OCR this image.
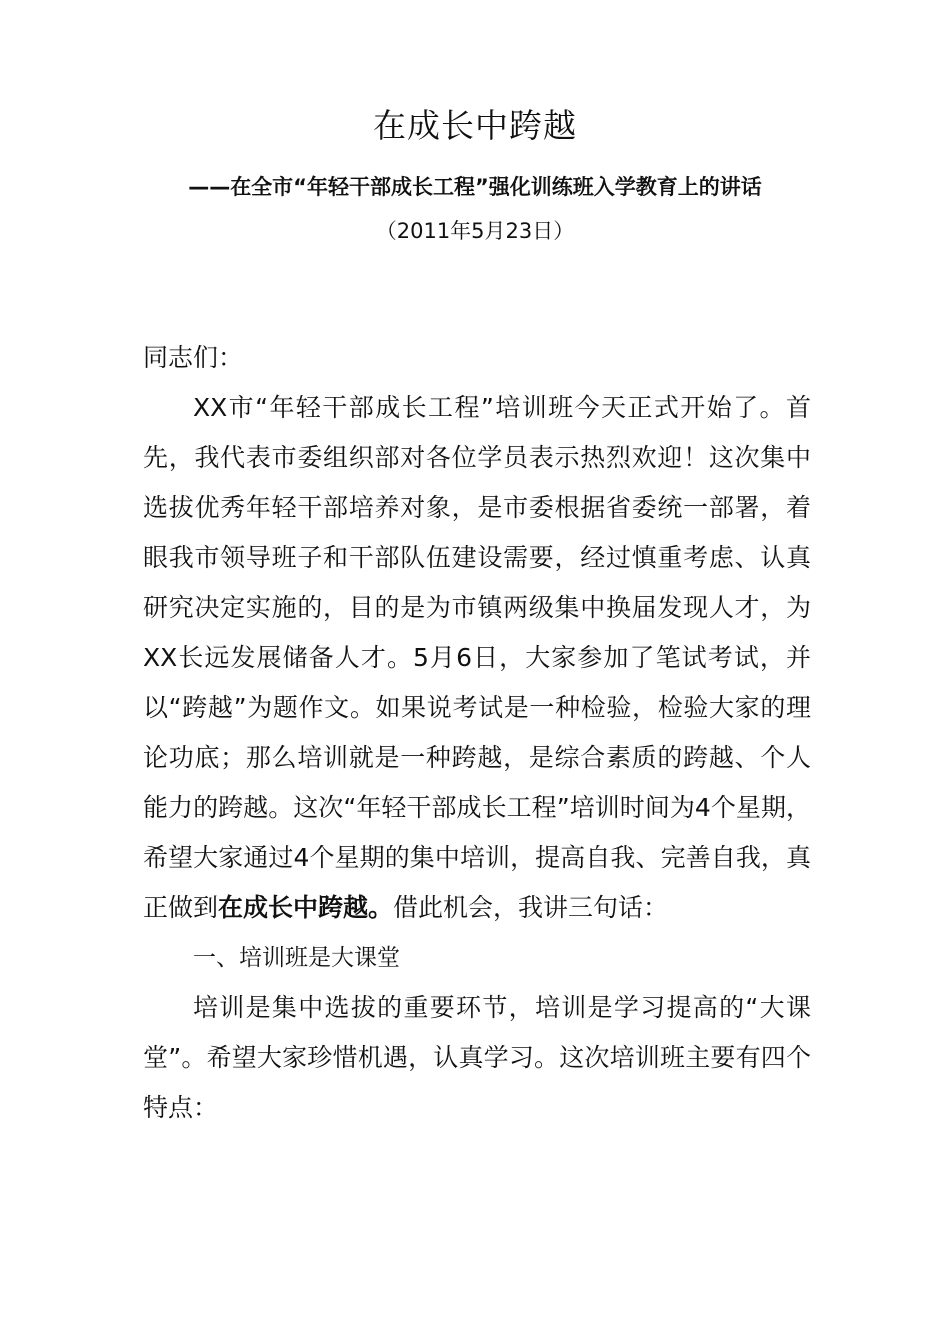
在成长中跨越
——在全市“年轻干部成长工程”强化训练班入学教育上的讲话
（2011年5月23日）

同志们：

XX市“年轻干部成长工程”培训班今天正式开始了。首先，我代表市委组织部对各位学员表示热烈欢迎！这次集中选拔优秀年轻干部培养对象，是市委根据省委统一部署，着眼我市领导班子和干部队伍建设需要，经过慎重考虑、认真研究决定实施的，目的是为市镇两级集中换届发现人才，为XX长远发展储备人才。5月6日，大家参加了笔试考试，并以“跨越”为题作文。如果说考试是一种检验，检验大家的理论功底；那么培训就是一种跨越，是综合素质的跨越、个人能力的跨越。这次“年轻干部成长工程”培训时间为4个星期，希望大家通过4个星期的集中培训，提高自我、完善自我，真正做到在成长中跨越。借此机会，我讲三句话：

一、培训班是大课堂

培训是集中选拔的重要环节，培训是学习提高的“大课堂”。希望大家珍惜机遇，认真学习。这次培训班主要有四个特点：
